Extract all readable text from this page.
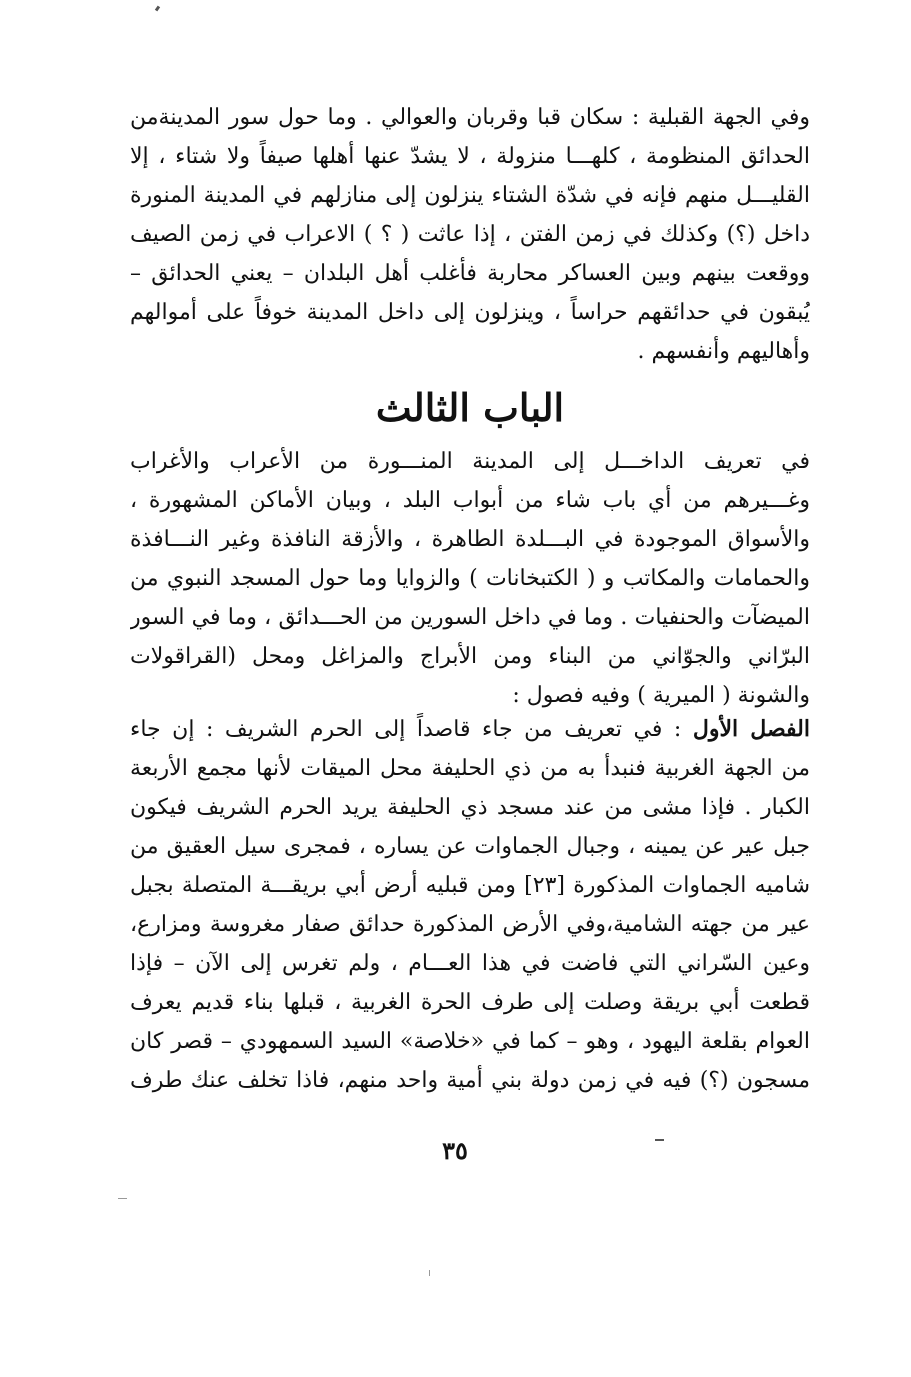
وفي الجهة القبلية : سكان قبا وقربان والعوالي . وما حول سور المدينةمن
الحدائق المنظومة ، كلهـــا منزولة ، لا يشدّ عنها أهلها صيفاً ولا شتاء ، إلا
القليـــل منهم فإنه في شدّة الشتاء ينزلون إلى منازلهم في المدينة المنورة
داخل (؟) وكذلك في زمن الفتن ، إذا عاثت ( ؟ ) الاعراب في زمن الصيف
ووقعت بينهم وبين العساكر محاربة فأغلب أهل البلدان – يعني الحدائق –
يُبقون في حدائقهم حراساً ، وينزلون إلى داخل المدينة خوفاً على أموالهم
وأهاليهم وأنفسهم .
الباب الثالث
في تعريف الداخـــل إلى المدينة المنـــورة من الأعراب والأغراب
وغـــيرهم من أي باب شاء من أبواب البلد ، وبيان الأماكن المشهورة ،
والأسواق الموجودة في البـــلدة الطاهرة ، والأزقة النافذة وغير النـــافذة
والحمامات والمكاتب و ( الكتبخانات ) والزوايا وما حول المسجد النبوي من
الميضآت والحنفيات . وما في داخل السورين من الحـــدائق ، وما في السور
البرّاني والجوّاني من البناء ومن الأبراج والمزاغل ومحل (القراقولات
والشونة ( الميرية ) وفيه فصول :
الفصل الأول : في تعريف من جاء قاصداً إلى الحرم الشريف : إن جاء
من الجهة الغربية فنبدأ به من ذي الحليفة محل الميقات لأنها مجمع الأربعة
الكبار . فإذا مشى من عند مسجد ذي الحليفة يريد الحرم الشريف فيكون
جبل عير عن يمينه ، وجبال الجماوات عن يساره ، فمجرى سيل العقيق من
شاميه الجماوات المذكورة [٢٣] ومن قبليه أرض أبي بريقـــة المتصلة بجبل
عير من جهته الشامية،وفي الأرض المذكورة حدائق صفار مغروسة ومزارع،
وعين السّراني التي فاضت في هذا العـــام ، ولم تغرس إلى الآن – فإذا
قطعت أبي بريقة وصلت إلى طرف الحرة الغربية ، قبلها بناء قديم يعرف
العوام بقلعة اليهود ، وهو – كما في «خلاصة» السيد السمهودي – قصر كان
مسجون (؟) فيه في زمن دولة بني أمية واحد منهم، فاذا تخلف عنك طرف
٣٥
